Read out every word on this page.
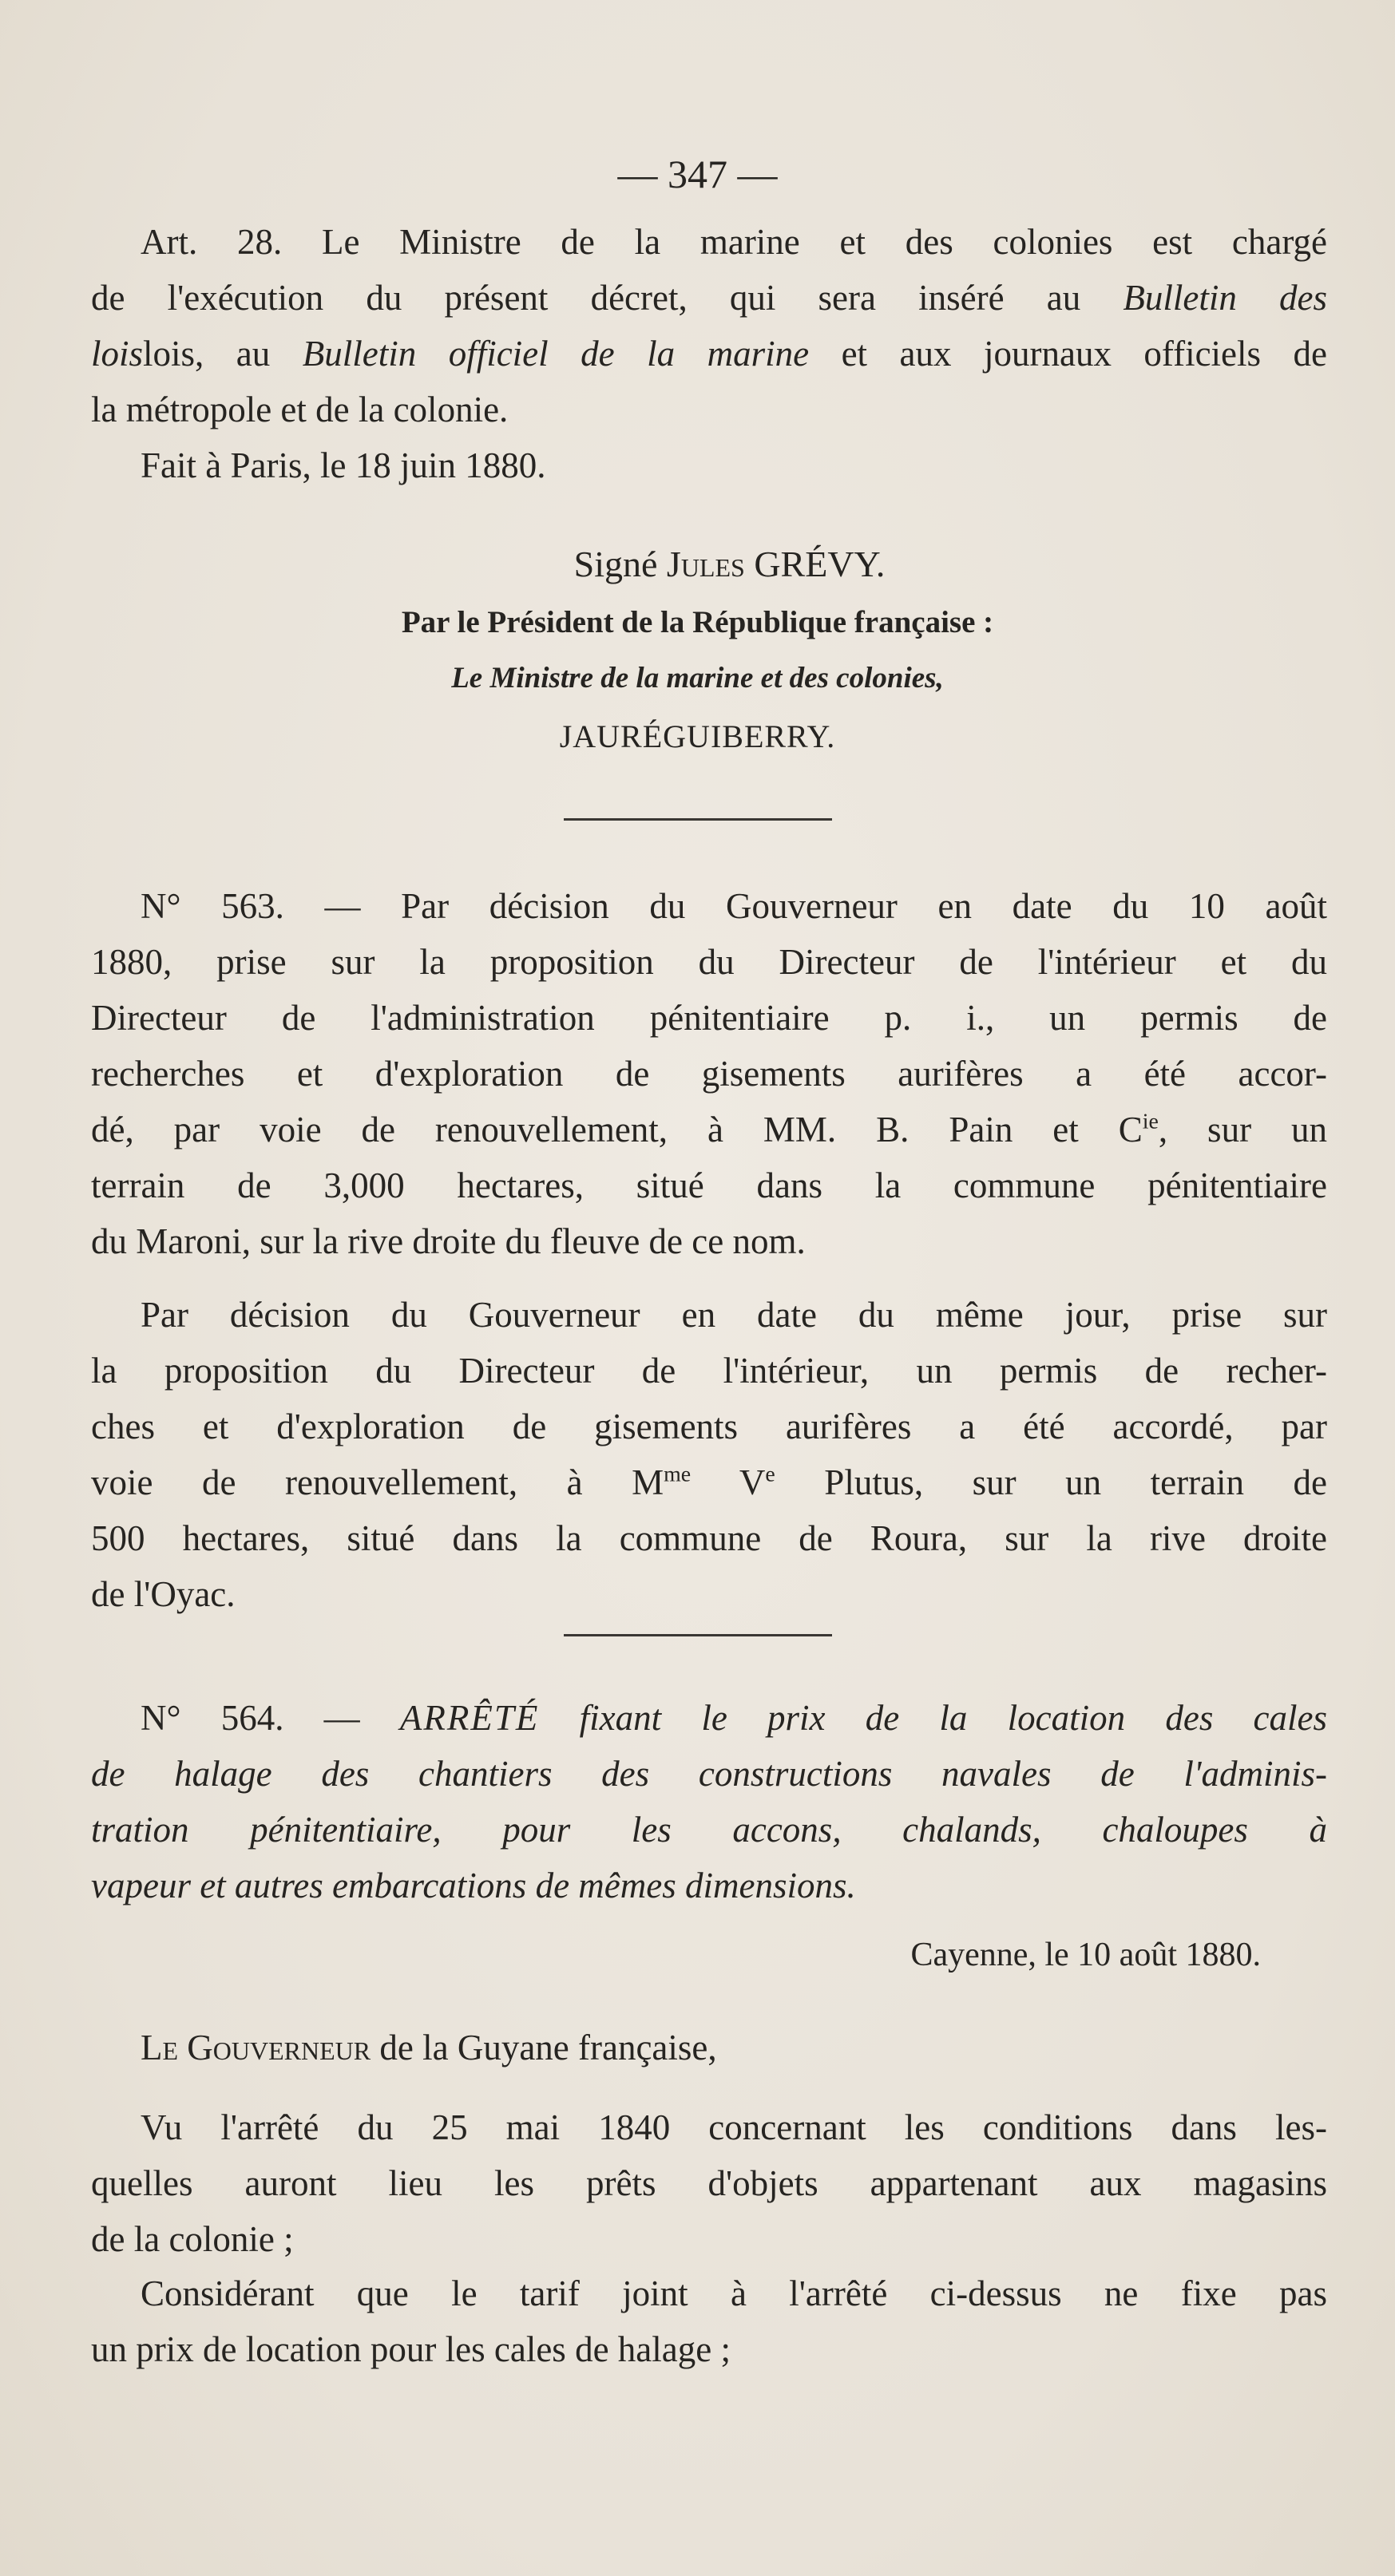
— 347 —
Art. 28. Le Ministre de la marine et des colonies est chargé
de l'exécution du présent décret, qui sera inséré au Bulletin des
loislois, au Bulletin officiel de la marine et aux journaux officiels de
la métropole et de la colonie.
Fait à Paris, le 18 juin 1880.
Signé Jules GRÉVY.
Par le Président de la République française :
Le Ministre de la marine et des colonies,
JAURÉGUIBERRY.
N° 563. — Par décision du Gouverneur en date du 10 août
1880, prise sur la proposition du Directeur de l'intérieur et du
Directeur de l'administration pénitentiaire p. i., un permis de
recherches et d'exploration de gisements aurifères a été accor-
dé, par voie de renouvellement, à MM. B. Pain et $C^{ie}$, sur un
terrain de 3,000 hectares, situé dans la commune pénitentiaire
du Maroni, sur la rive droite du fleuve de ce nom.
Par décision du Gouverneur en date du même jour, prise sur
la proposition du Directeur de l'intérieur, un permis de recher-
ches et d'exploration de gisements aurifères a été accordé, par
voie de renouvellement, à $M^{me}$ Ve Plutus, sur un terrain de
500 hectares, situé dans la commune de Roura, sur la rive droite
de l'Oyac.
N° 564. — ARRÊTÉ fixant le prix de la location des cales
de halage des chantiers des constructions navales de l'adminis-
tration pénitentiaire, pour les accons, chalands, chaloupes à
vapeur et autres embarcations de mêmes dimensions.
Cayenne, le 10 août 1880.
Le Gouverneur de la Guyane française,
Vu l'arrêté du 25 mai 1840 concernant les conditions dans les-
quelles auront lieu les prêts d'objets appartenant aux magasins
de la colonie ;
Considérant que le tarif joint à l'arrêté ci-dessus ne fixe pas
un prix de location pour les cales de halage ;
